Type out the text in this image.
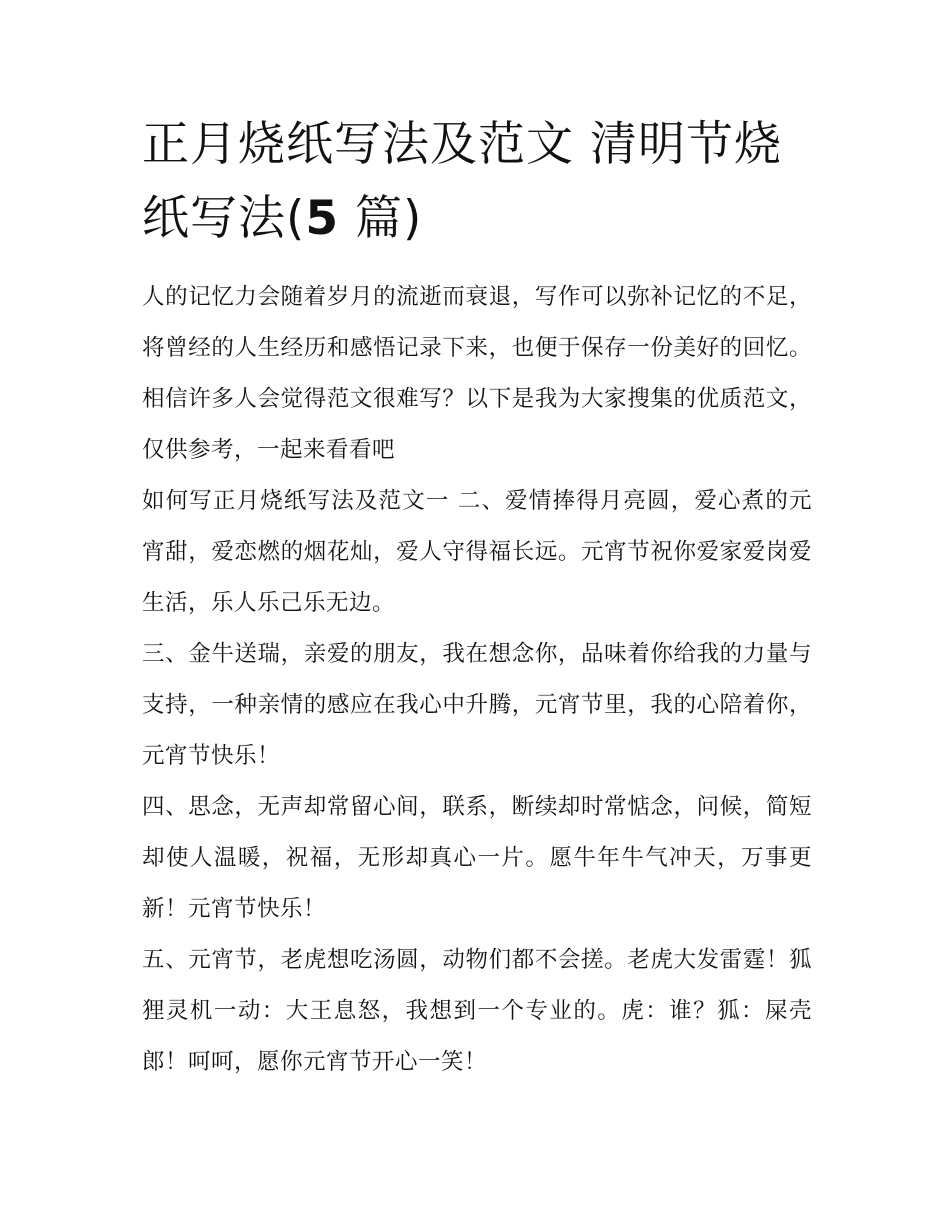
正月烧纸写法及范文 清明节烧纸写法(5 篇)

人的记忆力会随着岁月的流逝而衰退，写作可以弥补记忆的不足，将曾经的人生经历和感悟记录下来，也便于保存一份美好的回忆。相信许多人会觉得范文很难写？以下是我为大家搜集的优质范文，仅供参考，一起来看看吧

如何写正月烧纸写法及范文一 二、爱情捧得月亮圆，爱心煮的元宵甜，爱恋燃的烟花灿，爱人守得福长远。元宵节祝你爱家爱岗爱生活，乐人乐己乐无边。

三、金牛送瑞，亲爱的朋友，我在想念你，品味着你给我的力量与支持，一种亲情的感应在我心中升腾，元宵节里，我的心陪着你，元宵节快乐！

四、思念，无声却常留心间，联系，断续却时常惦念，问候，简短却使人温暖，祝福，无形却真心一片。愿牛年牛气冲天，万事更新！元宵节快乐！

五、元宵节，老虎想吃汤圆，动物们都不会搓。老虎大发雷霆！狐狸灵机一动：大王息怒，我想到一个专业的。虎：谁？狐：屎壳郎！呵呵，愿你元宵节开心一笑！
